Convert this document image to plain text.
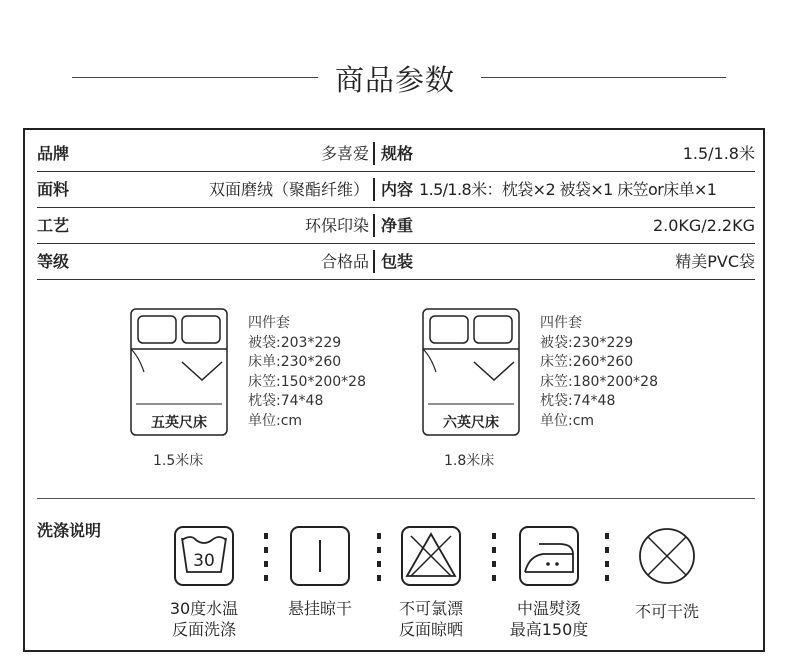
商品参数
品牌	多喜爱 规格	1.5/1.8米
面料	双面磨绒（聚酯纤维） 内容 1.5/1.8米：枕袋×2 被袋×1 床笠or床单×1
工艺	环保印染 净重	2.0KG/2.2KG
等级	合格品 包装	精美PVC袋
五英尺床
1.5米床
四件套
被袋:203*229
床单:230*260
床笠:150*200*28
枕袋:74*48
单位:cm	六英尺床
1.8米床
四件套
被袋:230*229
床笠:260*260
床笠:180*200*28
枕袋:74*48
单位:cm
洗涤说明
30
30度水温
反面洗涤
悬挂晾干	不可氯漂
反面晾晒
中温熨烫
最高150度
不可干洗
